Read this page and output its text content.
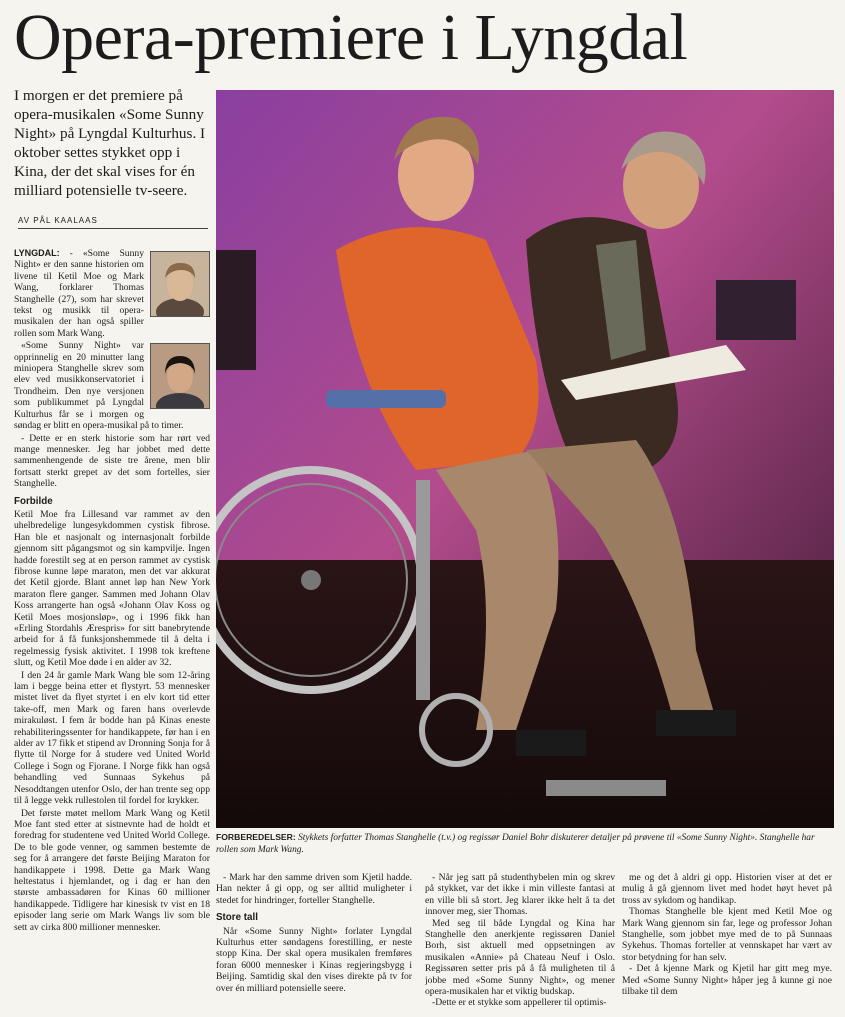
Opera-premiere i Lyngdal

I morgen er det premiere på opera-musikalen «Some Sunny Night» på Lyngdal Kulturhus. I oktober settes stykket opp i Kina, der det skal vises for én milliard potensielle tv-seere.

AV PÅL KAALAAS

LYNGDAL: - «Some Sunny Night» er den sanne historien om livene til Ketil Moe og Mark Wang, forklarer Thomas Stanghelle (27), som har skrevet tekst og musikk til opera-musikalen der han også spiller rollen som Mark Wang.

«Some Sunny Night» var opprinnelig en 20 minutter lang miniopera Stanghelle skrev som elev ved musikkonservatoriet i Trondheim. Den nye versjonen som publikummet på Lyngdal Kulturhus får se i morgen og søndag er blitt en opera-musikal på to timer.

- Dette er en sterk historie som har rørt ved mange mennesker. Jeg har jobbet med dette sammenhengende de siste tre årene, men blir fortsatt sterkt grepet av det som fortelles, sier Stanghelle.

Forbilde

Ketil Moe fra Lillesand var rammet av den uhelbredelige lungesykdommen cystisk fibrose. Han ble et nasjonalt og internasjonalt forbilde gjennom sitt pågangsmot og sin kampvilje. Ingen hadde forestilt seg at en person rammet av cystisk fibrose kunne løpe maraton, men det var akkurat det Ketil gjorde. Blant annet løp han New York maraton flere ganger. Sammen med Johann Olav Koss arrangerte han også «Johann Olav Koss og Ketil Moes mosjonsløp», og i 1996 fikk han «Erling Stordahls Ærespris» for sitt banebrytende arbeid for å få funksjonshemmede til å delta i regelmessig fysisk aktivitet. I 1998 tok kreftene slutt, og Ketil Moe døde i en alder av 32.

I den 24 år gamle Mark Wang ble som 12-åring lam i begge beina etter et flystyrt. 53 mennesker mistet livet da flyet styrtet i en elv kort tid etter take-off, men Mark og faren hans overlevde mirakuløst. I fem år bodde han på Kinas eneste rehabiliteringssenter for handikappete, før han i en alder av 17 fikk et stipend av Dronning Sonja for å flytte til Norge for å studere ved United World College i Sogn og Fjorane. I Norge fikk han også behandling ved Sunnaas Sykehus på Nesoddtangen utenfor Oslo, der han trente seg opp til å legge vekk rullestolen til fordel for krykker.

Det første møtet mellom Mark Wang og Ketil Moe fant sted etter at sistnevnte had de holdt et foredrag for studentene ved United World College. De to ble gode venner, og sammen bestemte de seg for å arrangere det første Beijing Maraton for handikappete i 1998. Dette ga Mark Wang heltestatus i hjemlandet, og i dag er han den største ambassadøren for Kinas 60 millioner handikappede. Tidligere har kinesisk tv vist en 18 episoder lang serie om Mark Wangs liv som ble sett av cirka 800 millioner mennesker.

FORBEREDELSER: Stykkets forfatter Thomas Stanghelle (t.v.) og regissør Daniel Bohr diskuterer detaljer på prøvene til «Some Sunny Night». Stanghelle har rollen som Mark Wang.

- Mark har den samme driven som Kjetil hadde. Han nekter å gi opp, og ser alltid muligheter i stedet for hindringer, forteller Stanghelle.

Store tall

Når «Some Sunny Night» forlater Lyngdal Kulturhus etter søndagens forestilling, er neste stopp Kina. Der skal opera musikalen fremføres foran 6000 mennesker i Kinas regjeringsbygg i Beijing. Samtidig skal den vises direkte på tv for over én milliard potensielle seere.

- Når jeg satt på studenthybelen min og skrev på stykket, var det ikke i min villeste fantasi at en ville bli så stort. Jeg klarer ikke helt å ta det innover meg, sier Thomas.

Med seg til både Lyngdal og Kina har Stanghelle den anerkjente regissøren Daniel Borh, sist aktuell med oppsetningen av musikalen «Annie» på Chateau Neuf i Oslo. Regissøren setter pris på å få muligheten til å jobbe med «Some Sunny Night», og mener opera-musikalen har et viktig budskap.

-Dette er et stykke som appellerer til optimis-

me og det å aldri gi opp. Historien viser at det er mulig å gå gjennom livet med hodet høyt hevet på tross av sykdom og handikap.

Thomas Stanghelle ble kjent med Ketil Moe og Mark Wang gjennom sin far, lege og professor Johan Stanghelle, som jobbet mye med de to på Sunnaas Sykehus. Thomas forteller at vennskapet har vært av stor betydning for han selv.

- Det å kjenne Mark og Kjetil har gitt meg mye. Med «Some Sunny Night» håper jeg å kunne gi noe tilbake til dem
